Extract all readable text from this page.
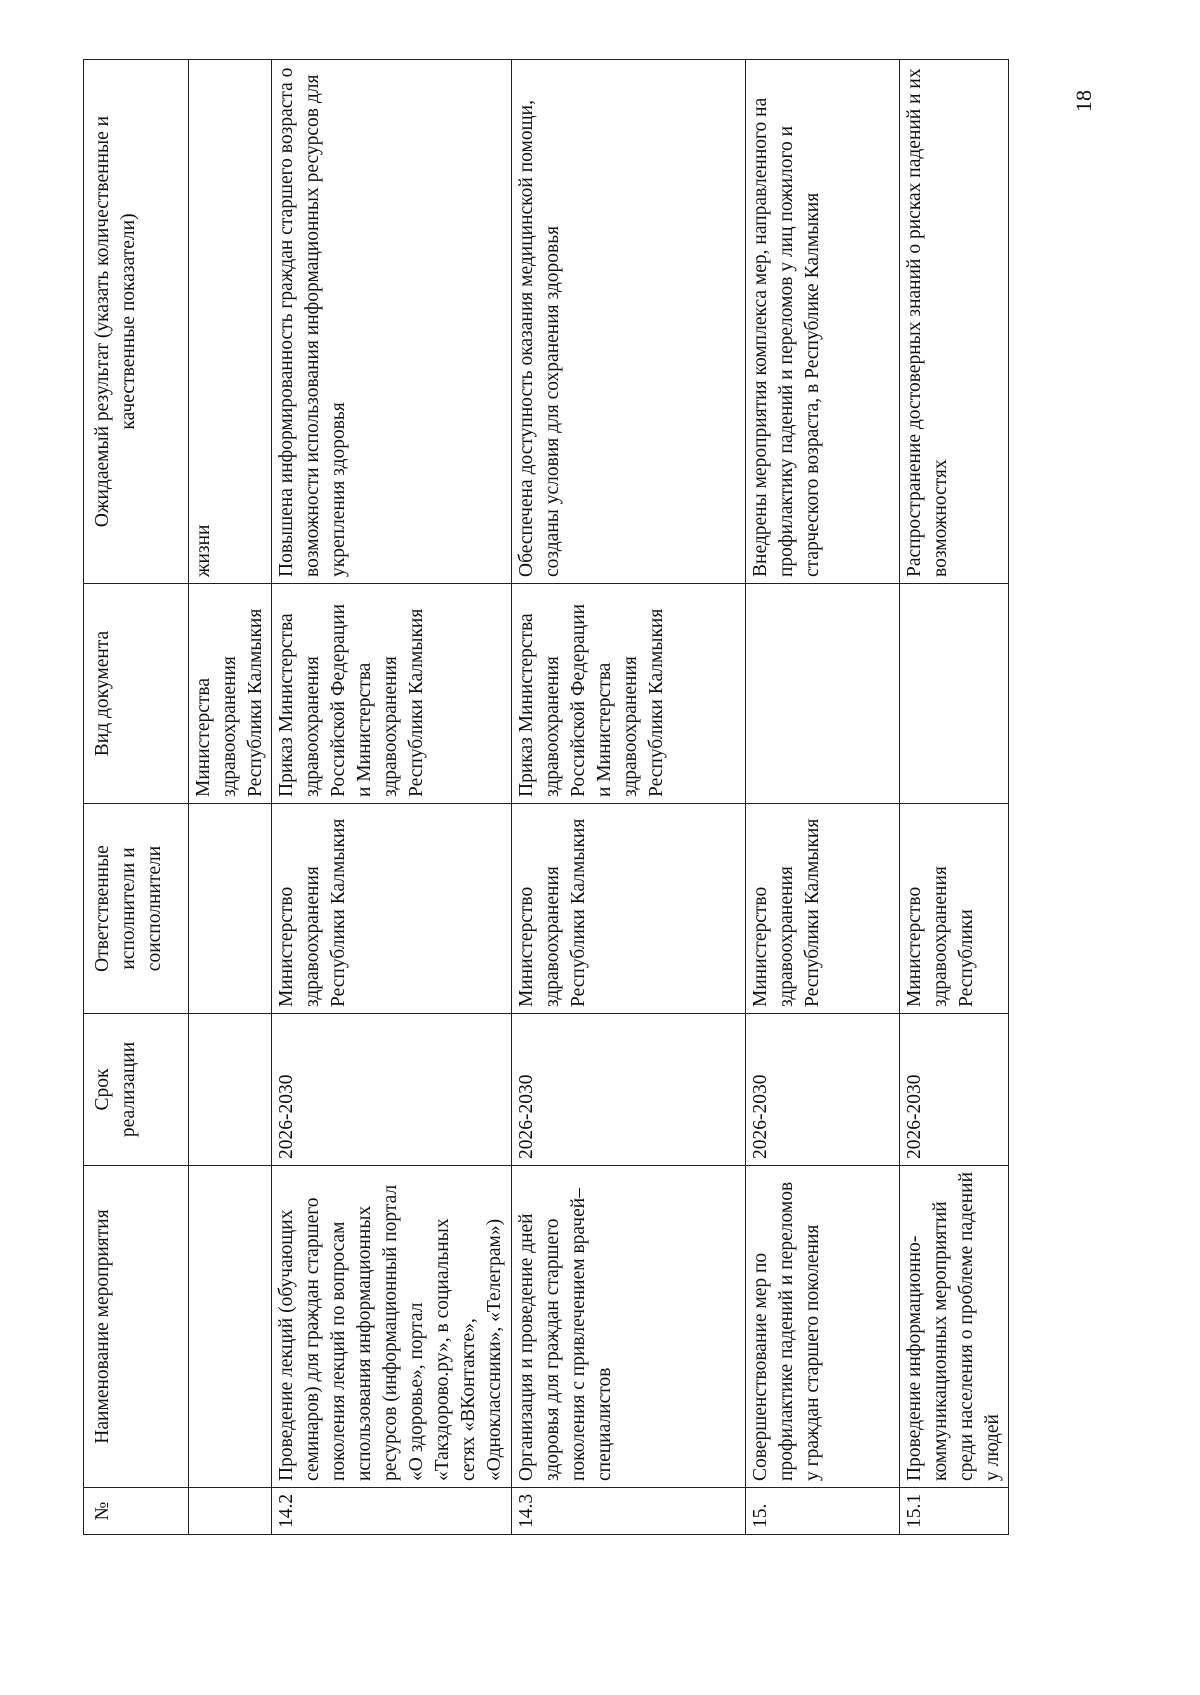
№	Наименование мероприятия	Срок реализации	Ответственные исполнители и соисполнители	Вид документа	Ожидаемый результат (указать количественные и качественные показатели)
				Министерства здравоохранения Республики Калмыкия	жизни
14.2	Проведение лекций (обучающих семинаров) для граждан старшего поколения лекций по вопросам использования информационных ресурсов (информационный портал «О здоровье», портал «Такздорово.ру», в социальных сетях «ВКонтакте», «Одноклассники», «Телеграм»)	2026-2030	Министерство здравоохранения Республики Калмыкия	Приказ Министерства здравоохранения Российской Федерации и Министерства здравоохранения Республики Калмыкия	Повышена информированность граждан старшего возраста о возможности использования информационных ресурсов для укрепления здоровья
14.3	Организация и проведение дней здоровья для граждан старшего поколения с привлечением врачей–специалистов	2026-2030	Министерство здравоохранения Республики Калмыкия	Приказ Министерства здравоохранения Российской Федерации и Министерства здравоохранения Республики Калмыкия	Обеспечена доступность оказания медицинской помощи, созданы условия для сохранения здоровья
15.	Совершенствование мер по профилактике падений и переломов у граждан старшего поколения	2026-2030	Министерство здравоохранения Республики Калмыкия		Внедрены мероприятия комплекса мер, направленного на профилактику падений и переломов у лиц пожилого и старческого возраста, в Республике Калмыкия
15.1	Проведение информационно-коммуникационных мероприятий среди населения о проблеме падений у людей	2026-2030	Министерство здравоохранения Республики		Распространение достоверных знаний о рисках падений и их возможностях
18
